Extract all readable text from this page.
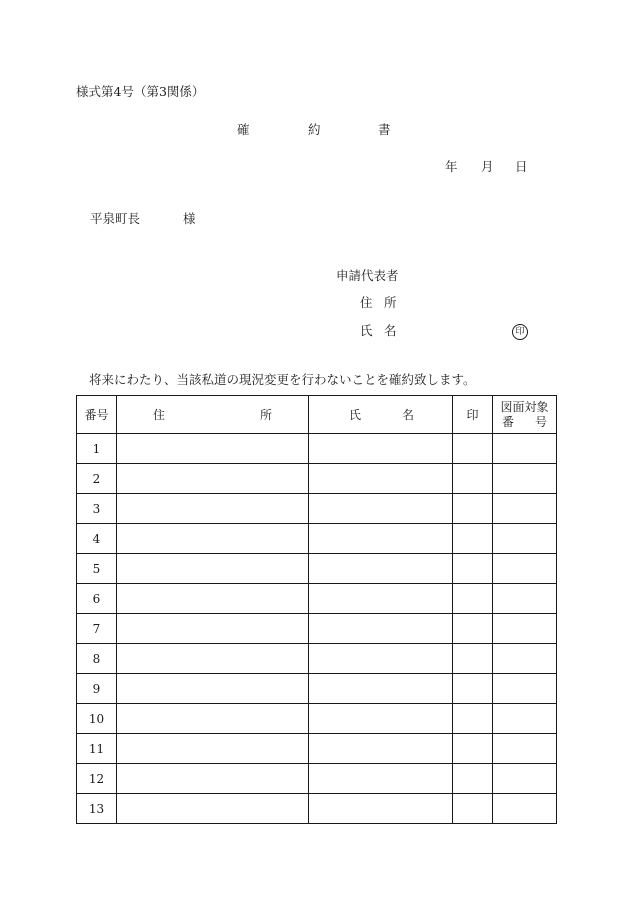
様式第4号（第3関係）
確	約	書
年 月 日
平泉町長	様
申請代表者
住 所
氏 名	印
将来にわたり、当該私道の現況変更を行わないことを確約致します。
番号	住 所	氏 名	印	図面対象
番 号

1				
2				
3				
4				
5				
6				
7				
8				
9				
10				
11				
12				
13				
